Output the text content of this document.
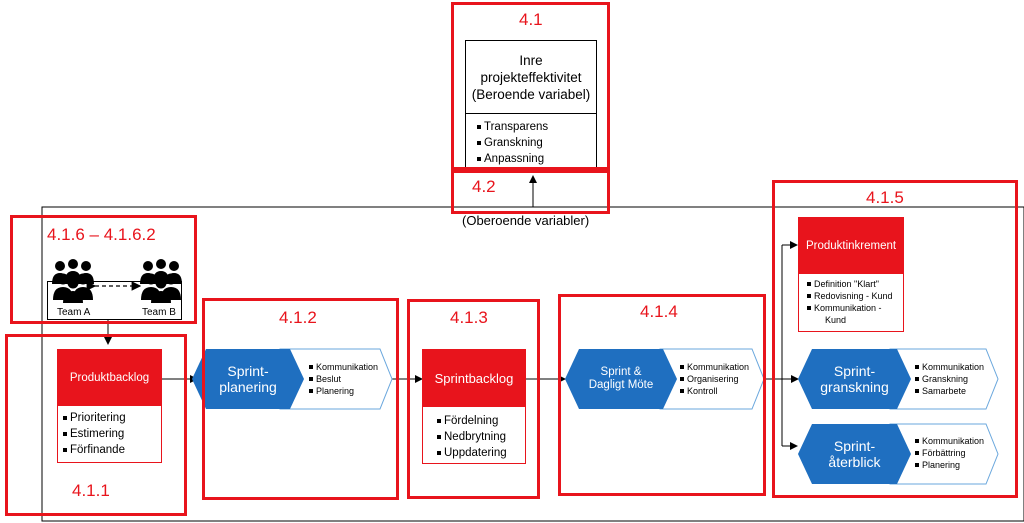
Inre
projekteffektivitet
(Beroende variabel)
Transparens
Granskning
Anpassning
(Oberoende variabler)
Team A	Team B
Produktbacklog
Prioritering
Estimering
Förfinande
Sprint-
planering
Kommunikation
Beslut
Planering
Sprintbacklog
Fördelning
Nedbrytning
Uppdatering
Sprint &
Dagligt Möte
Kommunikation
Organisering
Kontroll
Produktinkrement
Definition "Klart"
Redovisning - Kund
Kommunikation -
Kund
Sprint-
granskning
Kommunikation
Granskning
Samarbete
Sprint-
återblick
Kommunikation
Förbättring
Planering
4.1
4.2
4.1.5
4.1.6 – 4.1.6.2
4.1.2	4.1.3	4.1.4
4.1.1
